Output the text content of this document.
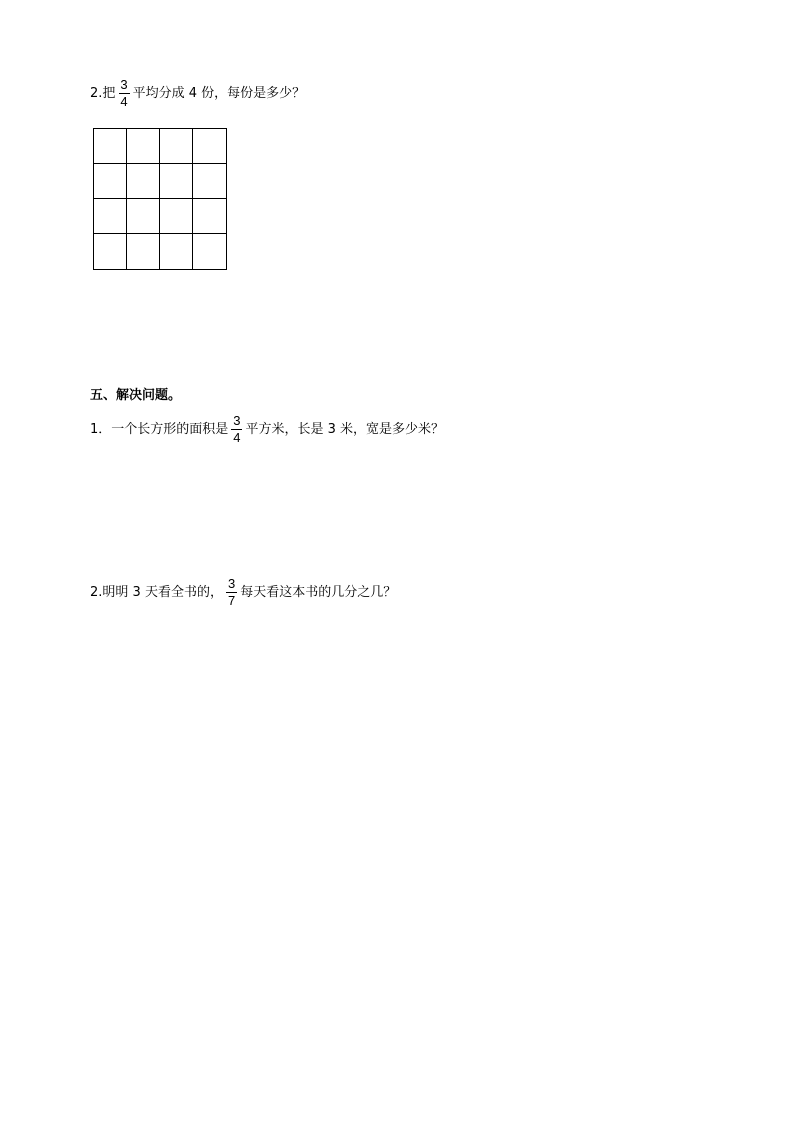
2.把 $\frac{3}{4}$ 平均分成 4 份，每份是多少？
五、解决问题。
1．一个长方形的面积是 $\frac{3}{4}$ 平方米，长是 3 米，宽是多少米？
2.明明 3 天看全书的， $\frac{3}{7}$ 每天看这本书的几分之几？
